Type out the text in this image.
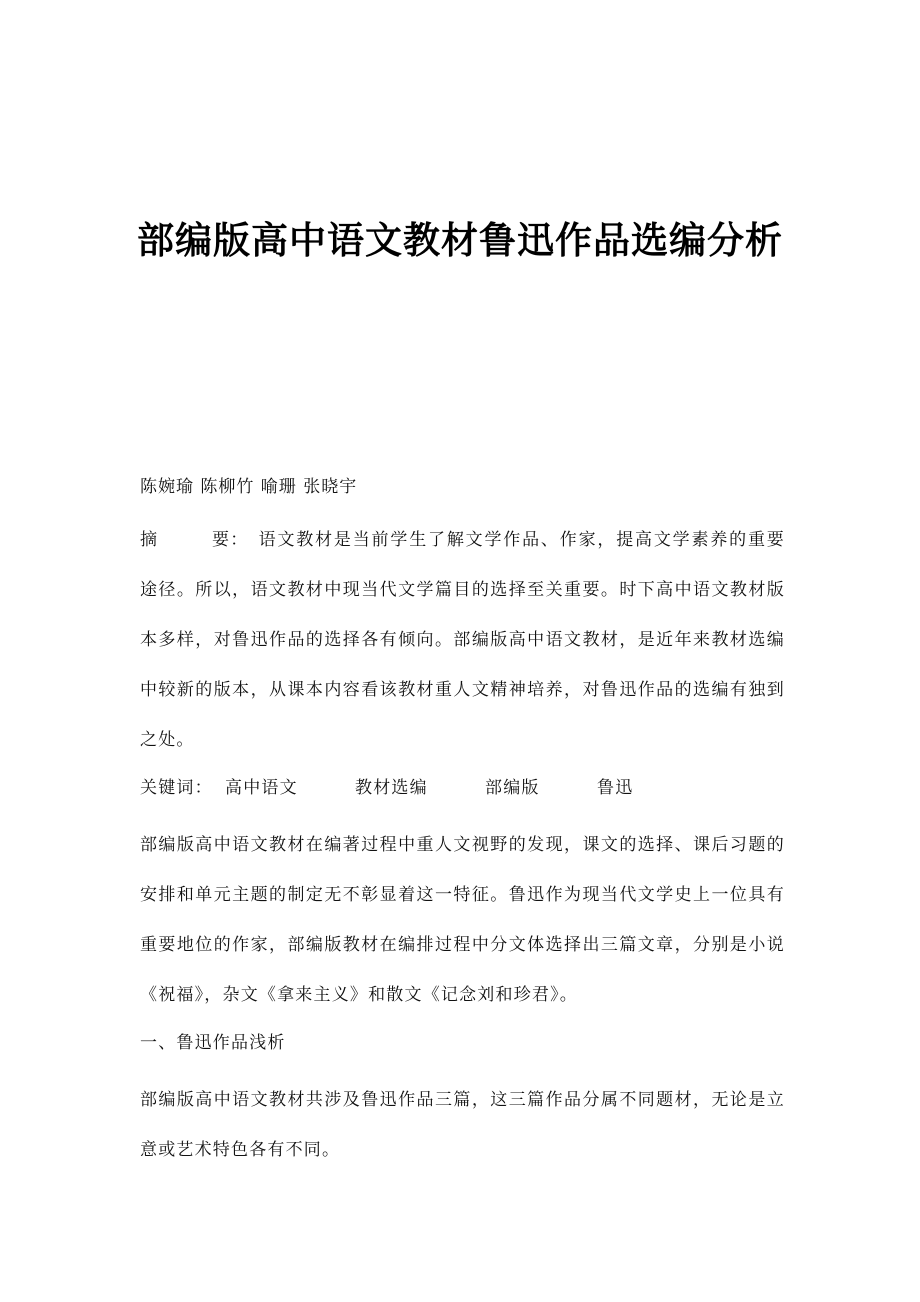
部编版高中语文教材鲁迅作品选编分析
陈婉瑜 陈柳竹 喻珊 张晓宇
摘	要： 语文教材是当前学生了解文学作品、作家，提高文学素养的重要途径。所以，语文教材中现当代文学篇目的选择至关重要。时下高中语文教材版本多样，对鲁迅作品的选择各有倾向。部编版高中语文教材，是近年来教材选编中较新的版本，从课本内容看该教材重人文精神培养，对鲁迅作品的选编有独到之处。
关键词： 高中语文	教材选编	部编版	鲁迅
部编版高中语文教材在编著过程中重人文视野的发现，课文的选择、课后习题的安排和单元主题的制定无不彰显着这一特征。鲁迅作为现当代文学史上一位具有重要地位的作家，部编版教材在编排过程中分文体选择出三篇文章，分别是小说《祝福》，杂文《拿来主义》和散文《记念刘和珍君》。
一、鲁迅作品浅析
部编版高中语文教材共涉及鲁迅作品三篇，这三篇作品分属不同题材，无论是立意或艺术特色各有不同。
